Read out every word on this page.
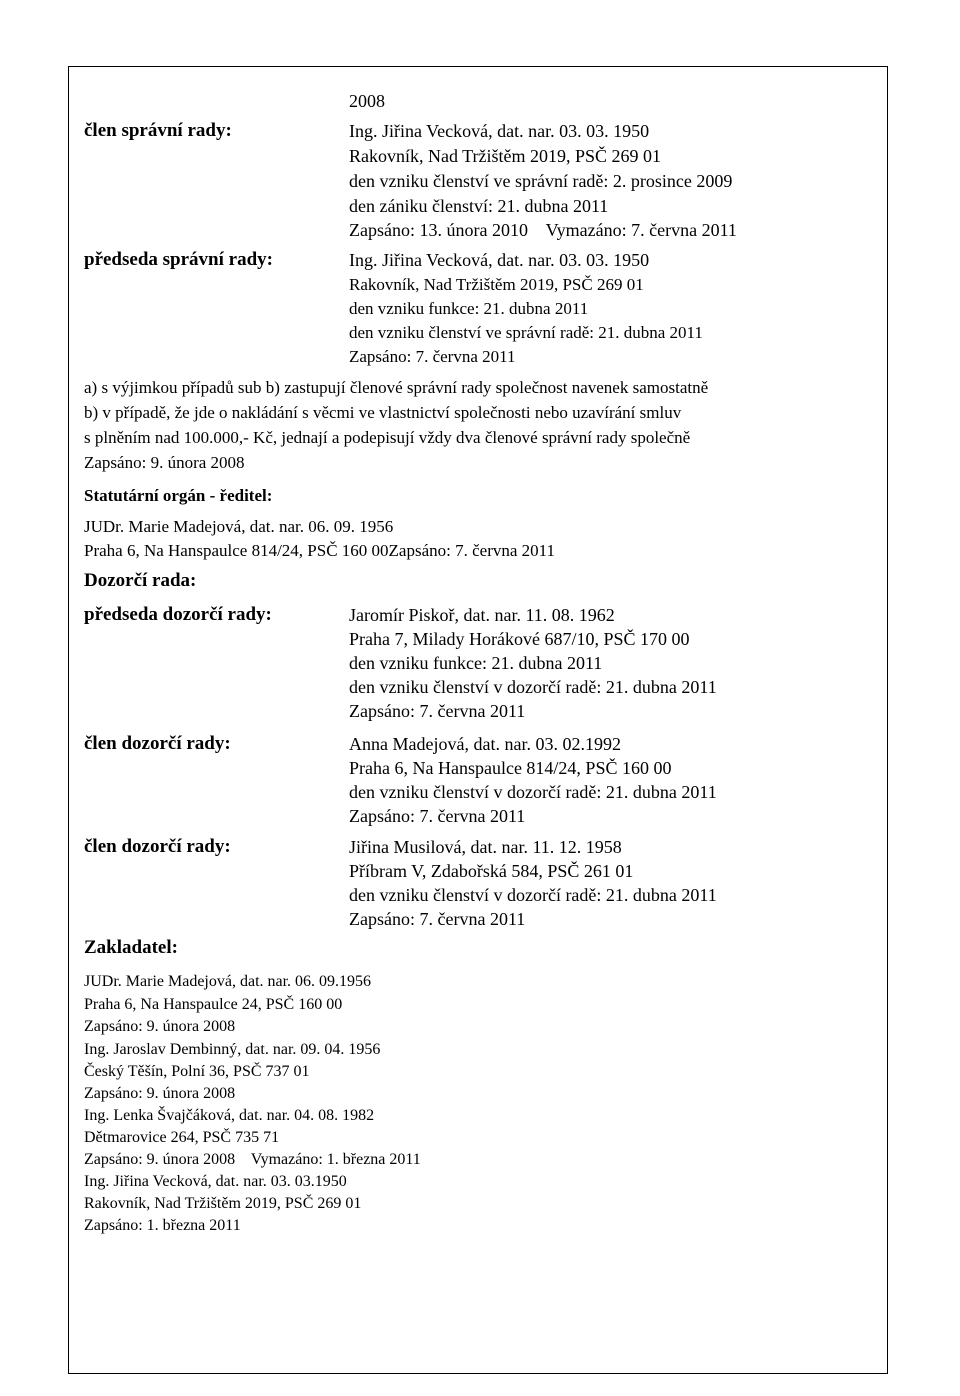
2008
člen správní rady:	Ing. Jiřina Vecková, dat. nar. 03. 03. 1950
Rakovník, Nad Tržištěm 2019, PSČ 269 01
den vzniku členství ve správní radě: 2. prosince 2009
den zániku členství: 21. dubna 2011
Zapsáno: 13. února 2010    Vymazáno: 7. června 2011
předseda správní rady:	Ing. Jiřina Vecková, dat. nar. 03. 03. 1950
Rakovník, Nad Tržištěm 2019, PSČ 269 01
den vzniku funkce: 21. dubna 2011
den vzniku členství ve správní radě: 21. dubna 2011
Zapsáno: 7. června 2011
a) s výjimkou případů sub b) zastupují členové správní rady společnost navenek samostatně
b) v případě, že jde o nakládání s věcmi ve vlastnictví společnosti nebo uzavírání smluv
s plněním nad 100.000,- Kč, jednají a podepisují vždy dva členové správní rady společně
Zapsáno: 9. února 2008
Statutární orgán - ředitel:
JUDr. Marie Madejová, dat. nar. 06. 09. 1956
Praha 6, Na Hanspaulce 814/24, PSČ 160 00Zapsáno: 7. června 2011
Dozorčí rada:
předseda dozorčí rady:	Jaromír Piskoř, dat. nar. 11. 08. 1962
Praha 7, Milady Horákové 687/10, PSČ 170 00
den vzniku funkce: 21. dubna 2011
den vzniku členství v dozorčí radě: 21. dubna 2011
Zapsáno: 7. června 2011
člen dozorčí rady:	Anna Madejová, dat. nar. 03. 02.1992
Praha 6, Na Hanspaulce 814/24, PSČ 160 00
den vzniku členství v dozorčí radě: 21. dubna 2011
Zapsáno: 7. června 2011
člen dozorčí rady:	Jiřina Musilová, dat. nar. 11. 12. 1958
Příbram V, Zdabořská 584, PSČ 261 01
den vzniku členství v dozorčí radě: 21. dubna 2011
Zapsáno: 7. června 2011
Zakladatel:
JUDr. Marie Madejová, dat. nar. 06. 09.1956
Praha 6, Na Hanspaulce 24, PSČ 160 00
Zapsáno: 9. února 2008
Ing. Jaroslav Dembinný, dat. nar. 09. 04. 1956
Český Těšín, Polní 36, PSČ 737 01
Zapsáno: 9. února 2008
Ing. Lenka Švajčáková, dat. nar. 04. 08. 1982
Dětmarovice 264, PSČ 735 71
Zapsáno: 9. února 2008    Vymazáno: 1. března 2011
Ing. Jiřina Vecková, dat. nar. 03. 03.1950
Rakovník, Nad Tržištěm 2019, PSČ 269 01
Zapsáno: 1. března 2011
